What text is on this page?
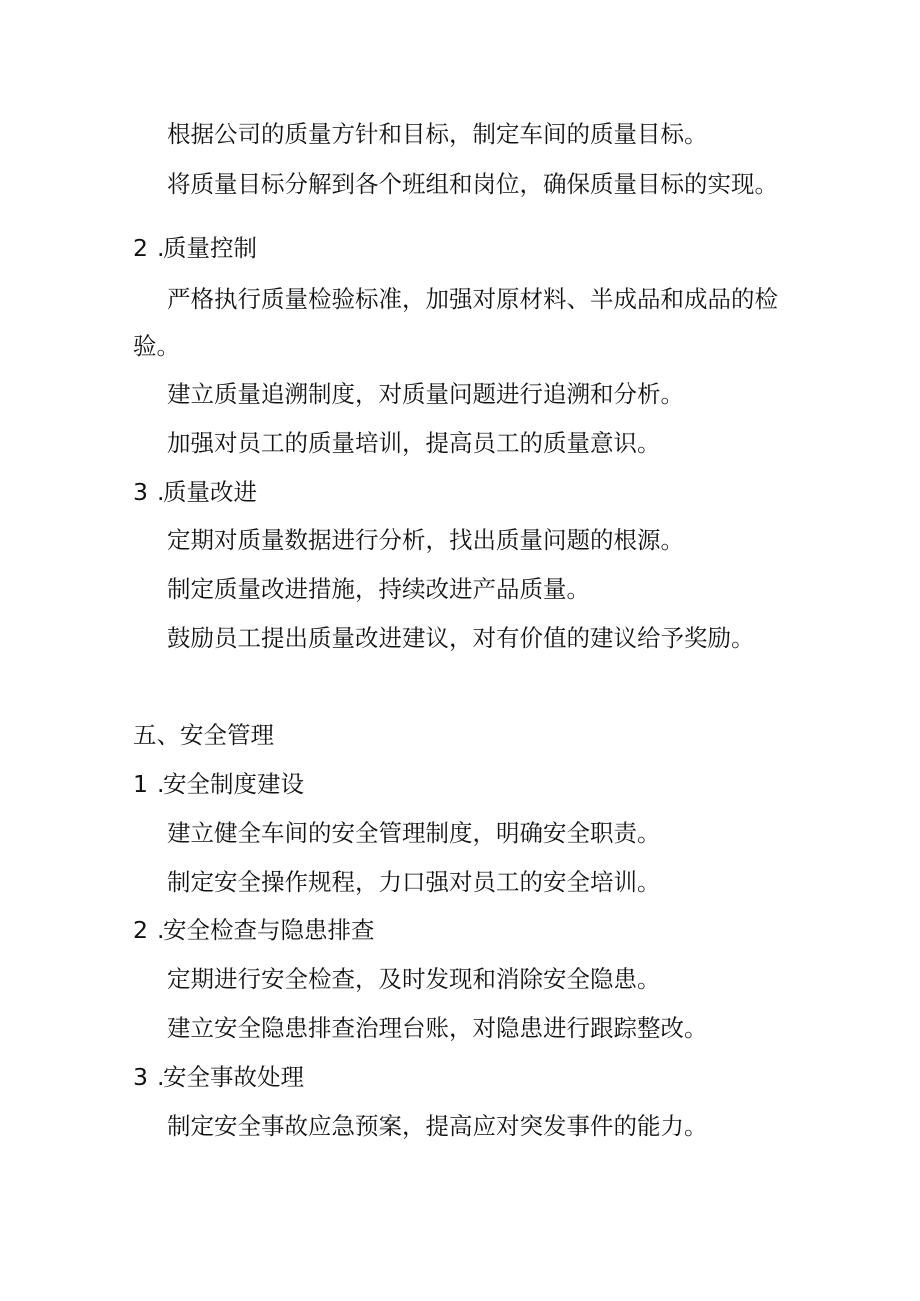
根据公司的质量方针和目标，制定车间的质量目标。
将质量目标分解到各个班组和岗位，确保质量目标的实现。
2 .质量控制
严格执行质量检验标准，加强对原材料、半成品和成品的检
验。
建立质量追溯制度，对质量问题进行追溯和分析。
加强对员工的质量培训，提高员工的质量意识。
3 .质量改进
定期对质量数据进行分析，找出质量问题的根源。
制定质量改进措施，持续改进产品质量。
鼓励员工提出质量改进建议，对有价值的建议给予奖励。
五、安全管理
1 .安全制度建设
建立健全车间的安全管理制度，明确安全职责。
制定安全操作规程，力口强对员工的安全培训。
2 .安全检查与隐患排查
定期进行安全检查，及时发现和消除安全隐患。
建立安全隐患排查治理台账，对隐患进行跟踪整改。
3 .安全事故处理
制定安全事故应急预案，提高应对突发事件的能力。
